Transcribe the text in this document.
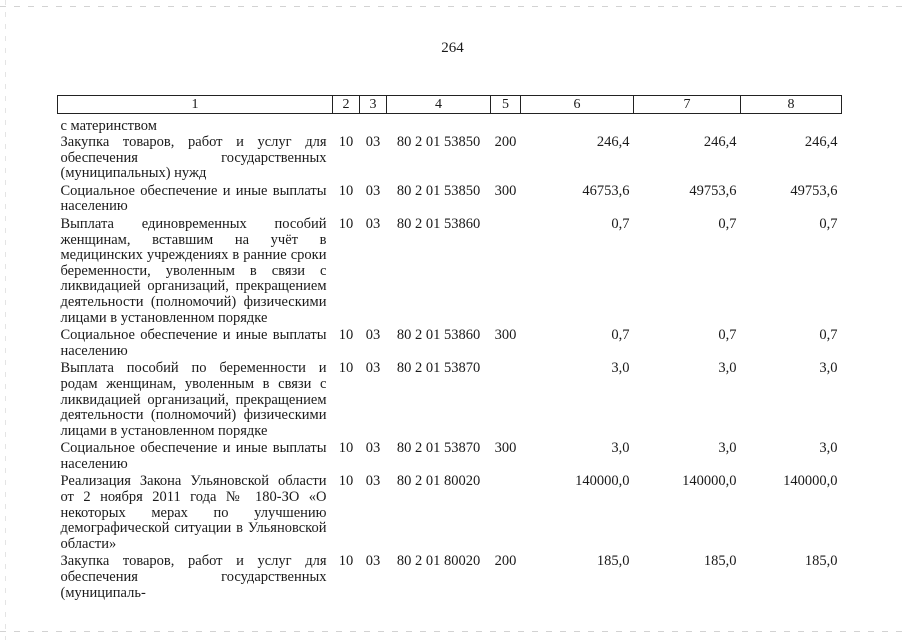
264
1	2	3	4	5	6	7	8

с материнством							
Закупка товаров, работ и услуг для обеспечения государственных (муниципальных) нужд	10	03	80 2 01 53850	200	246,4	246,4	246,4
Социальное обеспечение и иные выплаты населению	10	03	80 2 01 53850	300	46753,6	49753,6	49753,6
Выплата единовременных пособий женщинам, вставшим на учёт в медицинских учреждениях в ранние сроки беременности, уволенным в связи с ликвидацией организаций, прекращением деятельности (полномочий) физическими лицами в установленном порядке	10	03	80 2 01 53860		0,7	0,7	0,7
Социальное обеспечение и иные выплаты населению	10	03	80 2 01 53860	300	0,7	0,7	0,7
Выплата пособий по беременности и родам женщинам, уволенным в связи с ликвидацией организаций, прекращением деятельности (полномочий) физическими лицами в установленном порядке	10	03	80 2 01 53870		3,0	3,0	3,0
Социальное обеспечение и иные выплаты населению	10	03	80 2 01 53870	300	3,0	3,0	3,0
Реализация Закона Ульяновской области от 2 ноября 2011 года № 180-ЗО «О некоторых мерах по улучшению демографической ситуации в Ульяновской области»	10	03	80 2 01 80020		140000,0	140000,0	140000,0
Закупка товаров, работ и услуг для обеспечения государственных (муниципаль-	10	03	80 2 01 80020	200	185,0	185,0	185,0
